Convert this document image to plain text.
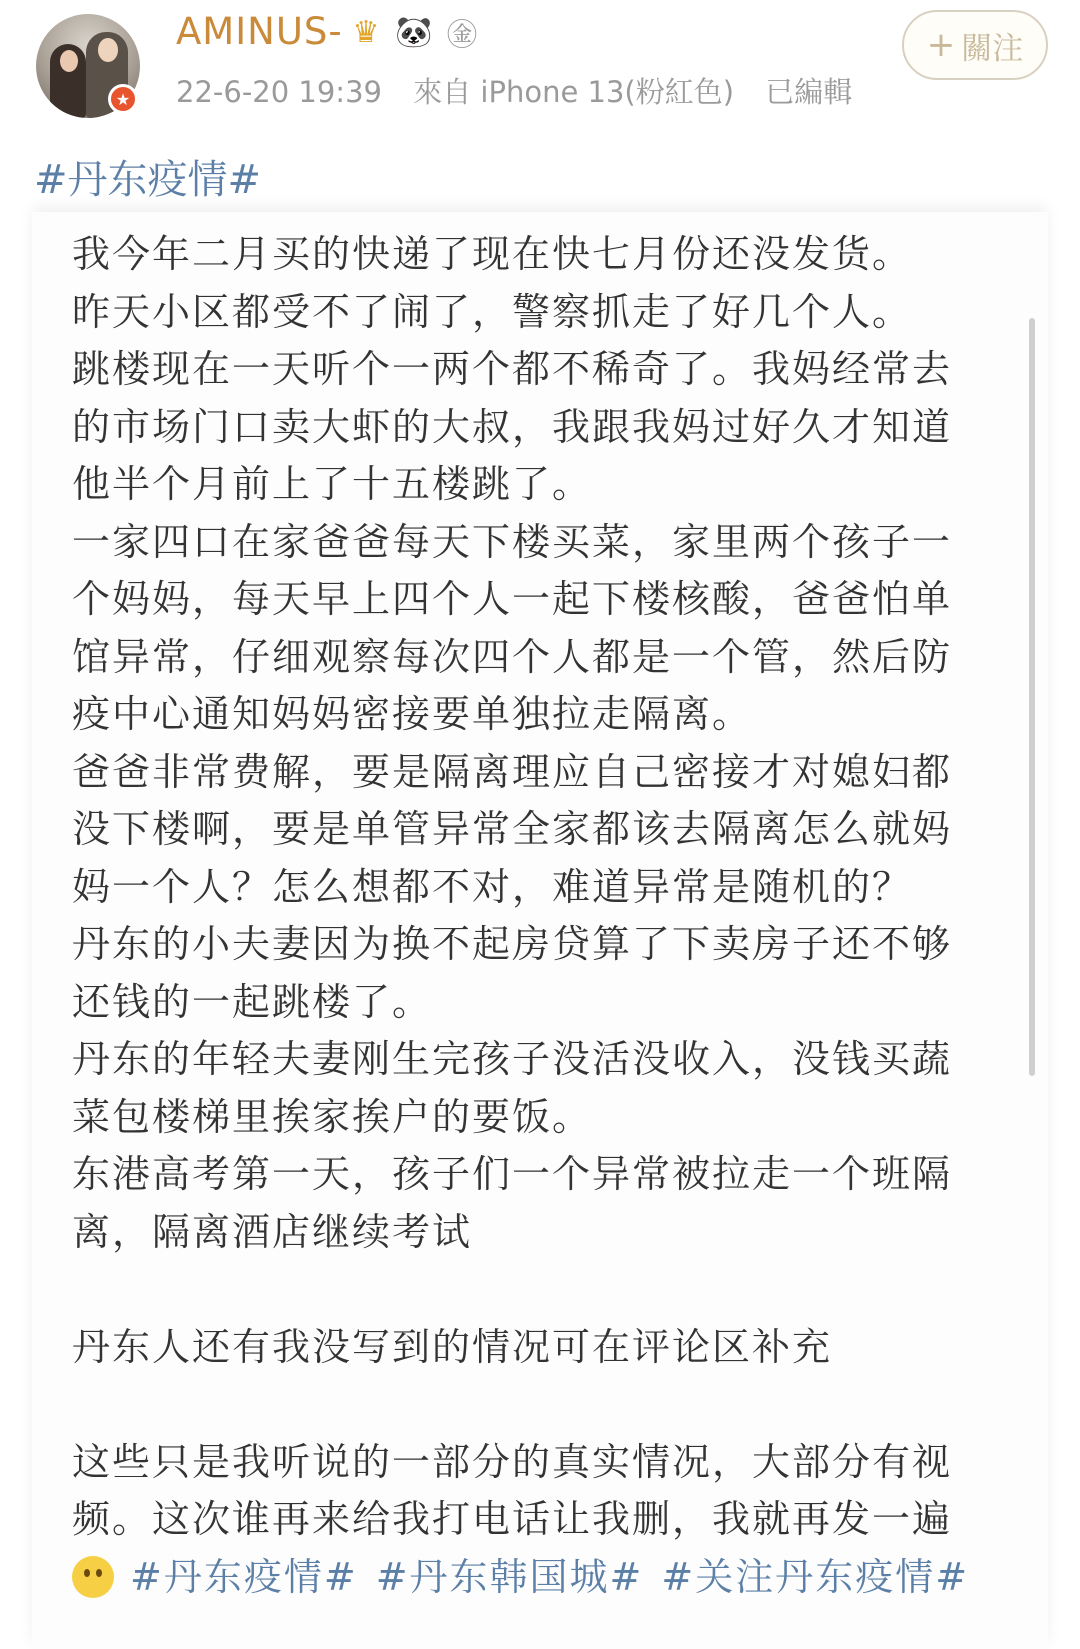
★
AMINUS- ♛ 🐼 ㊎
22-6-20 19:39 來自 iPhone 13(粉紅色) 已編輯
+ 關注
#丹东疫情#
我今年二月买的快递了现在快七月份还没发货。
昨天小区都受不了闹了，警察抓走了好几个人。
跳楼现在一天听个一两个都不稀奇了。我妈经常去
的市场门口卖大虾的大叔，我跟我妈过好久才知道
他半个月前上了十五楼跳了。
一家四口在家爸爸每天下楼买菜，家里两个孩子一
个妈妈，每天早上四个人一起下楼核酸，爸爸怕单
馆异常，仔细观察每次四个人都是一个管，然后防
疫中心通知妈妈密接要单独拉走隔离。
爸爸非常费解，要是隔离理应自己密接才对媳妇都
没下楼啊，要是单管异常全家都该去隔离怎么就妈
妈一个人？怎么想都不对，难道异常是随机的？
丹东的小夫妻因为换不起房贷算了下卖房子还不够
还钱的一起跳楼了。
丹东的年轻夫妻刚生完孩子没活没收入，没钱买蔬
菜包楼梯里挨家挨户的要饭。
东港高考第一天，孩子们一个异常被拉走一个班隔
离，隔离酒店继续考试
丹东人还有我没写到的情况可在评论区补充
这些只是我听说的一部分的真实情况，大部分有视
频。这次谁再来给我打电话让我删，我就再发一遍
#丹东疫情# #丹东韩国城# #关注丹东疫情#
